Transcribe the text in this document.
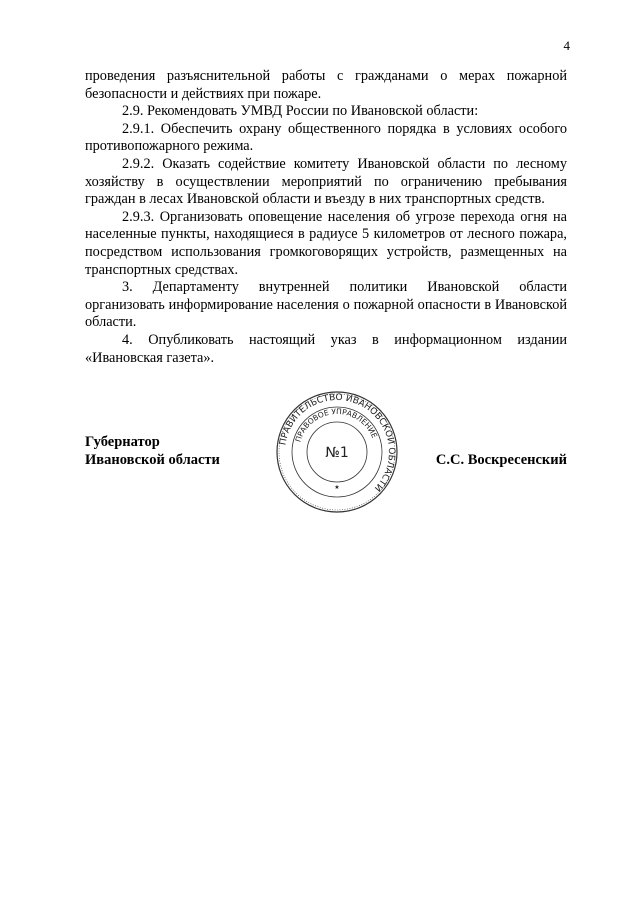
4

проведения разъяснительной работы с гражданами о мерах пожарной безопасности и действиях при пожаре.

2.9. Рекомендовать УМВД России по Ивановской области:

2.9.1. Обеспечить охрану общественного порядка в условиях особого противопожарного режима.

2.9.2. Оказать содействие комитету Ивановской области по лесному хозяйству в осуществлении мероприятий по ограничению пребывания граждан в лесах Ивановской области и въезду в них транспортных средств.

2.9.3. Организовать оповещение населения об угрозе перехода огня на населенные пункты, находящиеся в радиусе 5 километров от лесного пожара, посредством использования громкоговорящих устройств, размещенных на транспортных средствах.

3. Департаменту внутренней политики Ивановской области организовать информирование населения о пожарной опасности в Ивановской области.

4. Опубликовать настоящий указ в информационном издании «Ивановская газета».

Губернатор
Ивановской области	С.С. Воскресенский
ПРАВИТЕЛЬСТВО ИВАНОВСКОЙ ОБЛАСТИ
ПРАВОВОЕ УПРАВЛЕНИЕ
№1
★
